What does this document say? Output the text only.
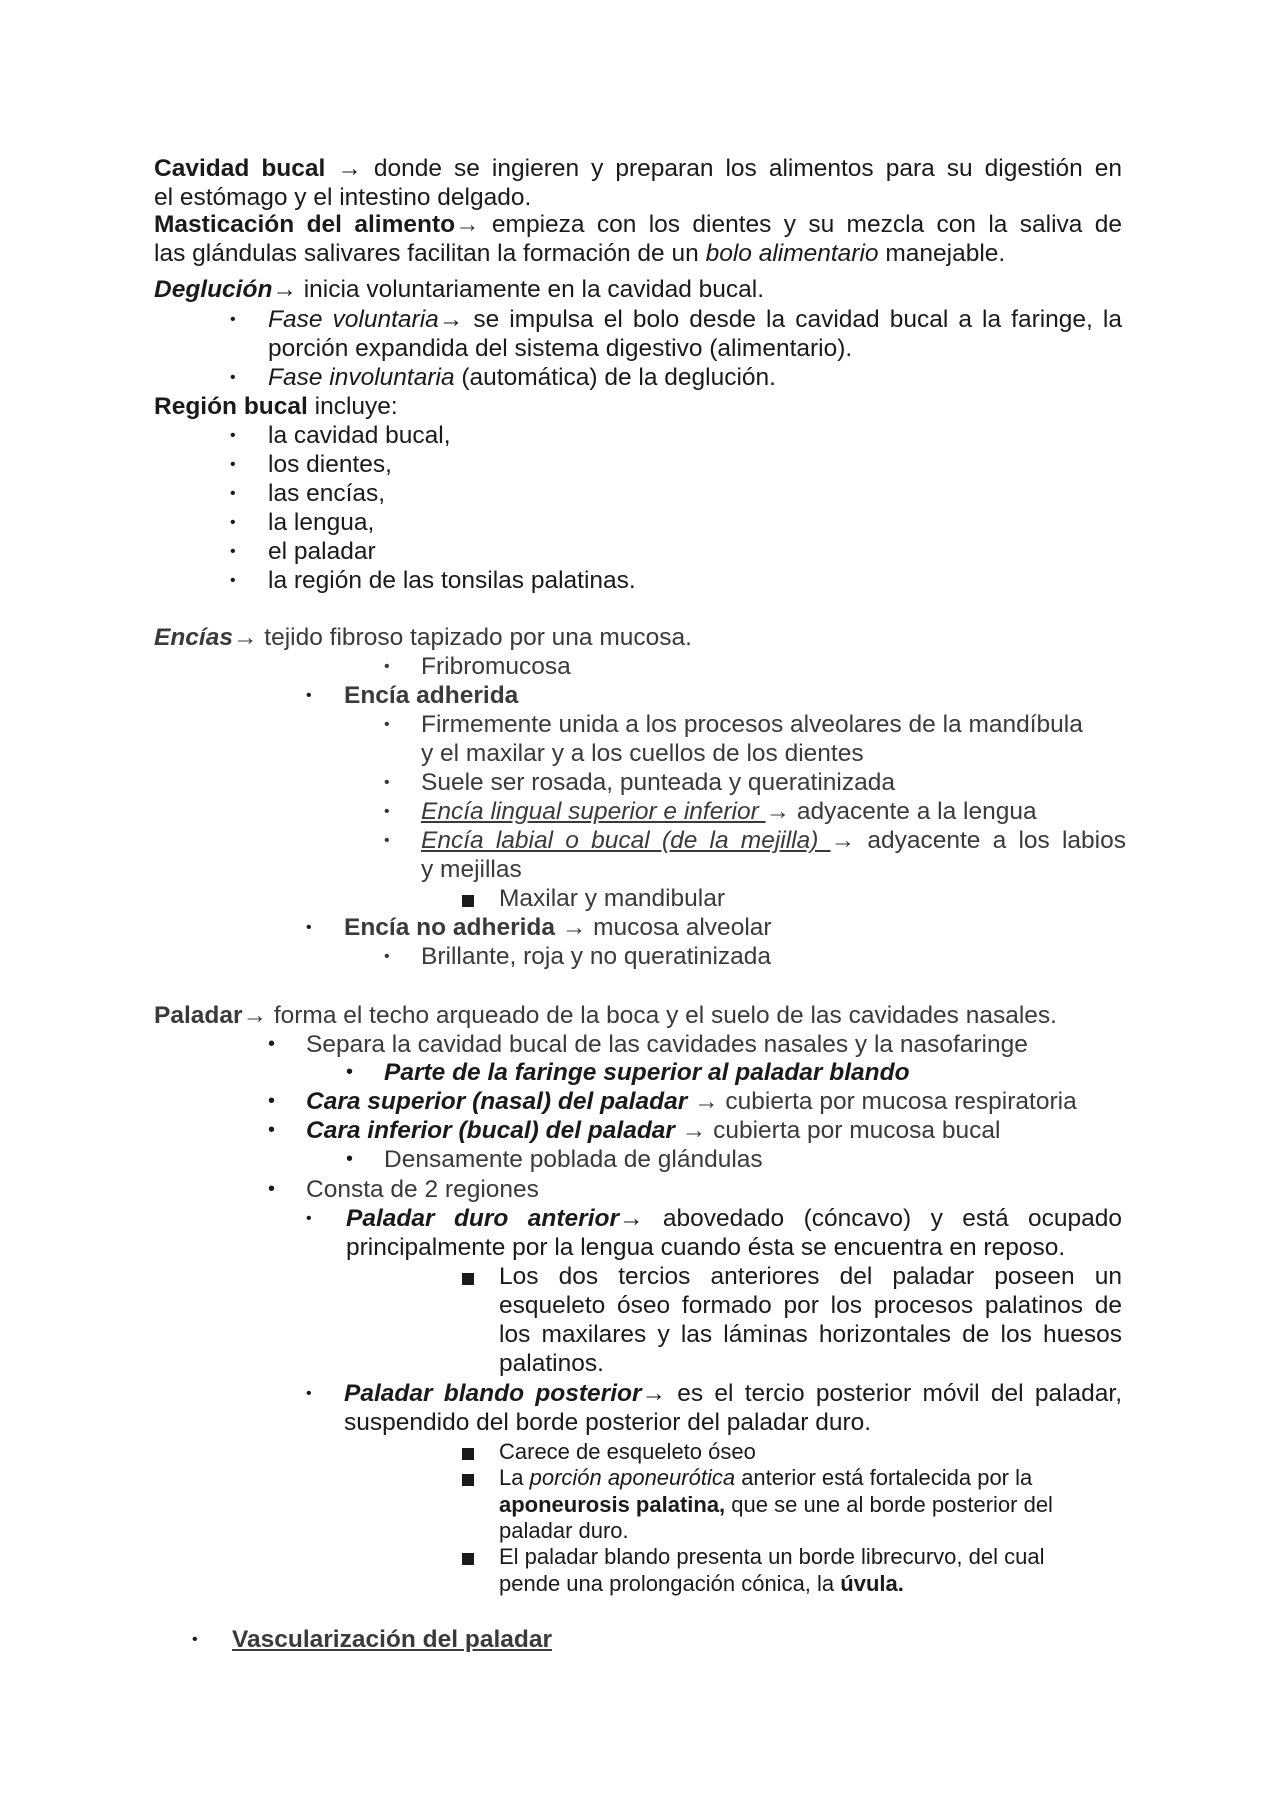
Cavidad bucal → donde se ingieren y preparan los alimentos para su digestión en
el estómago y el intestino delgado.
Masticación del alimento→ empieza con los dientes y su mezcla con la saliva de
las glándulas salivares facilitan la formación de un bolo alimentario manejable.
Deglución→ inicia voluntariamente en la cavidad bucal.
• Fase voluntaria→ se impulsa el bolo desde la cavidad bucal a la faringe, la
porción expandida del sistema digestivo (alimentario).
• Fase involuntaria (automática) de la deglución.
Región bucal incluye:
• la cavidad bucal,
• los dientes,
• las encías,
• la lengua,
• el paladar
• la región de las tonsilas palatinas.
Encías→ tejido fibroso tapizado por una mucosa.
• Fribromucosa
• Encía adherida
• Firmemente unida a los procesos alveolares de la mandíbula
y el maxilar y a los cuellos de los dientes
• Suele ser rosada, punteada y queratinizada
• Encía lingual superior e inferior → adyacente a la lengua
• Encía labial o bucal (de la mejilla) → adyacente a los labios
y mejillas
Maxilar y mandibular
• Encía no adherida → mucosa alveolar
• Brillante, roja y no queratinizada
Paladar→ forma el techo arqueado de la boca y el suelo de las cavidades nasales.
• Separa la cavidad bucal de las cavidades nasales y la nasofaringe
• Parte de la faringe superior al paladar blando
• Cara superior (nasal) del paladar → cubierta por mucosa respiratoria
• Cara inferior (bucal) del paladar → cubierta por mucosa bucal
• Densamente poblada de glándulas
• Consta de 2 regiones
• Paladar duro anterior→ abovedado (cóncavo) y está ocupado
principalmente por la lengua cuando ésta se encuentra en reposo.
Los dos tercios anteriores del paladar poseen un
esqueleto óseo formado por los procesos palatinos de
los maxilares y las láminas horizontales de los huesos
palatinos.
• Paladar blando posterior→ es el tercio posterior móvil del paladar,
suspendido del borde posterior del paladar duro.
Carece de esqueleto óseo
La porción aponeurótica anterior está fortalecida por la
aponeurosis palatina, que se une al borde posterior del
paladar duro.
El paladar blando presenta un borde librecurvo, del cual
pende una prolongación cónica, la úvula.
• Vascularización del paladar
